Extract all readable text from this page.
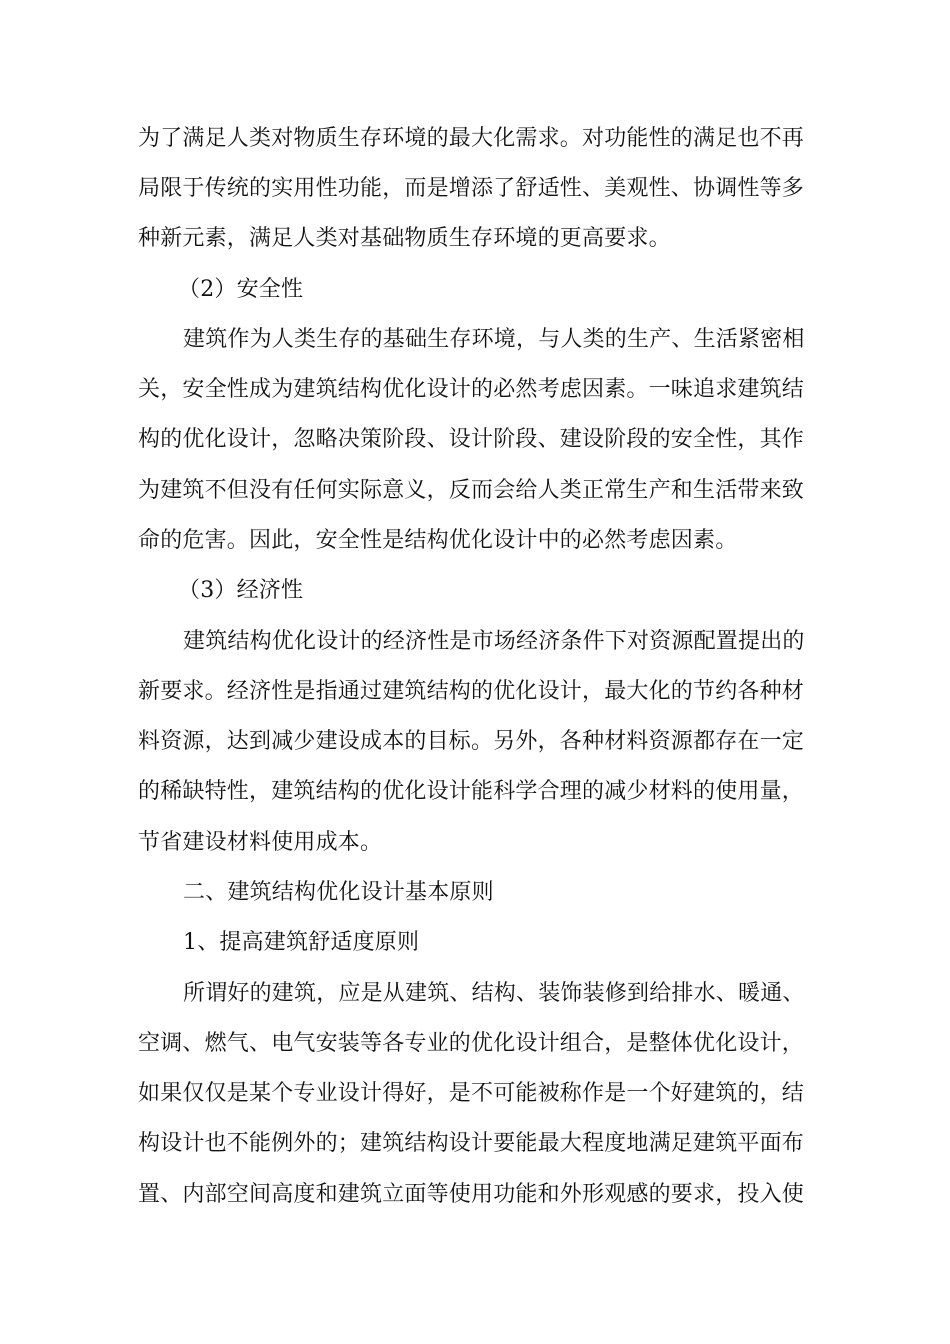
为了满足人类对物质生存环境的最大化需求。对功能性的满足也不再
局限于传统的实用性功能，而是增添了舒适性、美观性、协调性等多
种新元素，满足人类对基础物质生存环境的更高要求。
（2）安全性
建筑作为人类生存的基础生存环境，与人类的生产、生活紧密相
关，安全性成为建筑结构优化设计的必然考虑因素。一味追求建筑结
构的优化设计，忽略决策阶段、设计阶段、建设阶段的安全性，其作
为建筑不但没有任何实际意义，反而会给人类正常生产和生活带来致
命的危害。因此，安全性是结构优化设计中的必然考虑因素。
（3）经济性
建筑结构优化设计的经济性是市场经济条件下对资源配置提出的
新要求。经济性是指通过建筑结构的优化设计，最大化的节约各种材
料资源，达到减少建设成本的目标。另外，各种材料资源都存在一定
的稀缺特性，建筑结构的优化设计能科学合理的减少材料的使用量，
节省建设材料使用成本。
二、建筑结构优化设计基本原则
1、提高建筑舒适度原则
所谓好的建筑，应是从建筑、结构、装饰装修到给排水、暖通、
空调、燃气、电气安装等各专业的优化设计组合，是整体优化设计，
如果仅仅是某个专业设计得好，是不可能被称作是一个好建筑的，结
构设计也不能例外的；建筑结构设计要能最大程度地满足建筑平面布
置、内部空间高度和建筑立面等使用功能和外形观感的要求，投入使
